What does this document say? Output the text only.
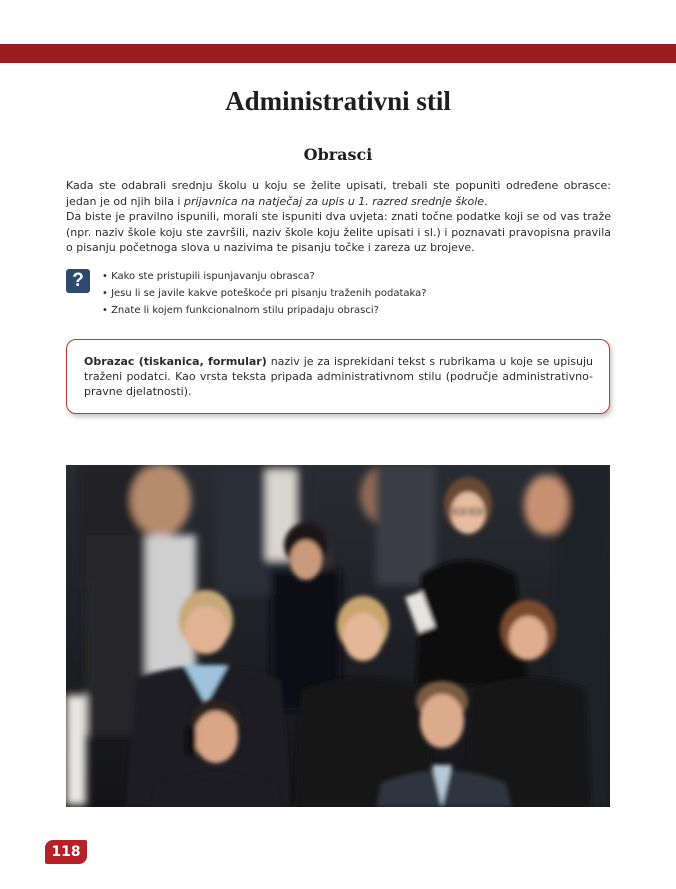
Administrativni stil
Obrasci

Kada ste odabrali srednju školu u koju se želite upisati, trebali ste popuniti određene obrasce: jedan je od njih bila i prijavnica na natječaj za upis u 1. razred srednje škole.

Da biste je pravilno ispunili, morali ste ispuniti dva uvjeta: znati točne podatke koji se od vas traže (npr. naziv škole koju ste završili, naziv škole koju želite upisati i sl.) i poznavati pravopisna pravila o pisanju početnoga slova u nazivima te pisanju točke i zareza uz brojeve.

?
•	Kako ste pristupili ispunjavanju obrasca?
• Jesu li se javile kakve poteškoće pri pisanju traženih podataka?
• Znate li kojem funkcionalnom stilu pripadaju obrasci?
Obrazac (tiskanica, formular) naziv je za isprekidani tekst s rubrikama u koje se upisuju traženi podatci. Kao vrsta teksta pripada administrativnom stilu (područje administrativno-pravne djelatnosti).
118
